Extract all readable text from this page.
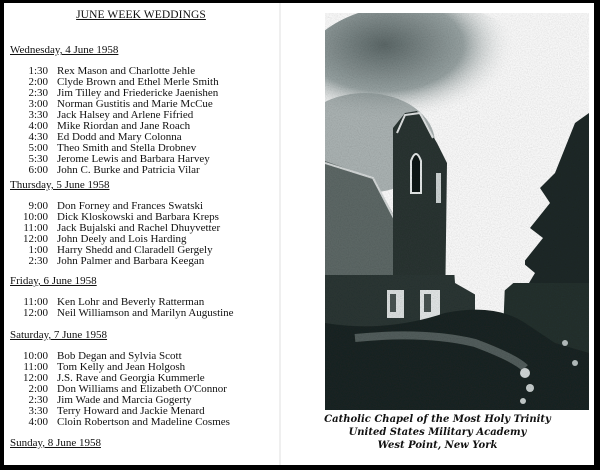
JUNE WEEK WEDDINGS
Wednesday, 4 June 1958
1:30 Rex Mason and Charlotte Jehle
2:00 Clyde Brown and Ethel Merle Smith
2:30 Jim Tilley and Friedericke Jaenishen
3:00 Norman Gustitis and Marie McCue
3:30 Jack Halsey and Arlene Fifried
4:00 Mike Riordan and Jane Roach
4:30 Ed Dodd and Mary Colonna
5:00 Theo Smith and Stella Drobnev
5:30 Jerome Lewis and Barbara Harvey
6:00 John C. Burke and Patricia Vilar
Thursday, 5 June 1958
9:00 Don Forney and Frances Swatski
10:00 Dick Kloskowski and Barbara Kreps
11:00 Jack Bujalski and Rachel Dhuyvetter
12:00 John Deely and Lois Harding
1:00 Harry Shedd and Claradell Gergely
2:30 John Palmer and Barbara Keegan
Friday, 6 June 1958
11:00 Ken Lohr and Beverly Ratterman
12:00 Neil Williamson and Marilyn Augustine
Saturday, 7 June 1958
10:00 Bob Degan and Sylvia Scott
11:00 Tom Kelly and Jean Holgosh
12:00 J.S. Rave and Georgia Kummerle
2:00 Don Williams and Elizabeth O'Connor
2:30 Jim Wade and Marcia Gogerty
3:30 Terry Howard and Jackie Menard
4:00 Cloin Robertson and Madeline Cosmes
Sunday, 8 June 1958
Catholic Chapel of the Most Holy Trinity
United States Military Academy
West Point, New York
